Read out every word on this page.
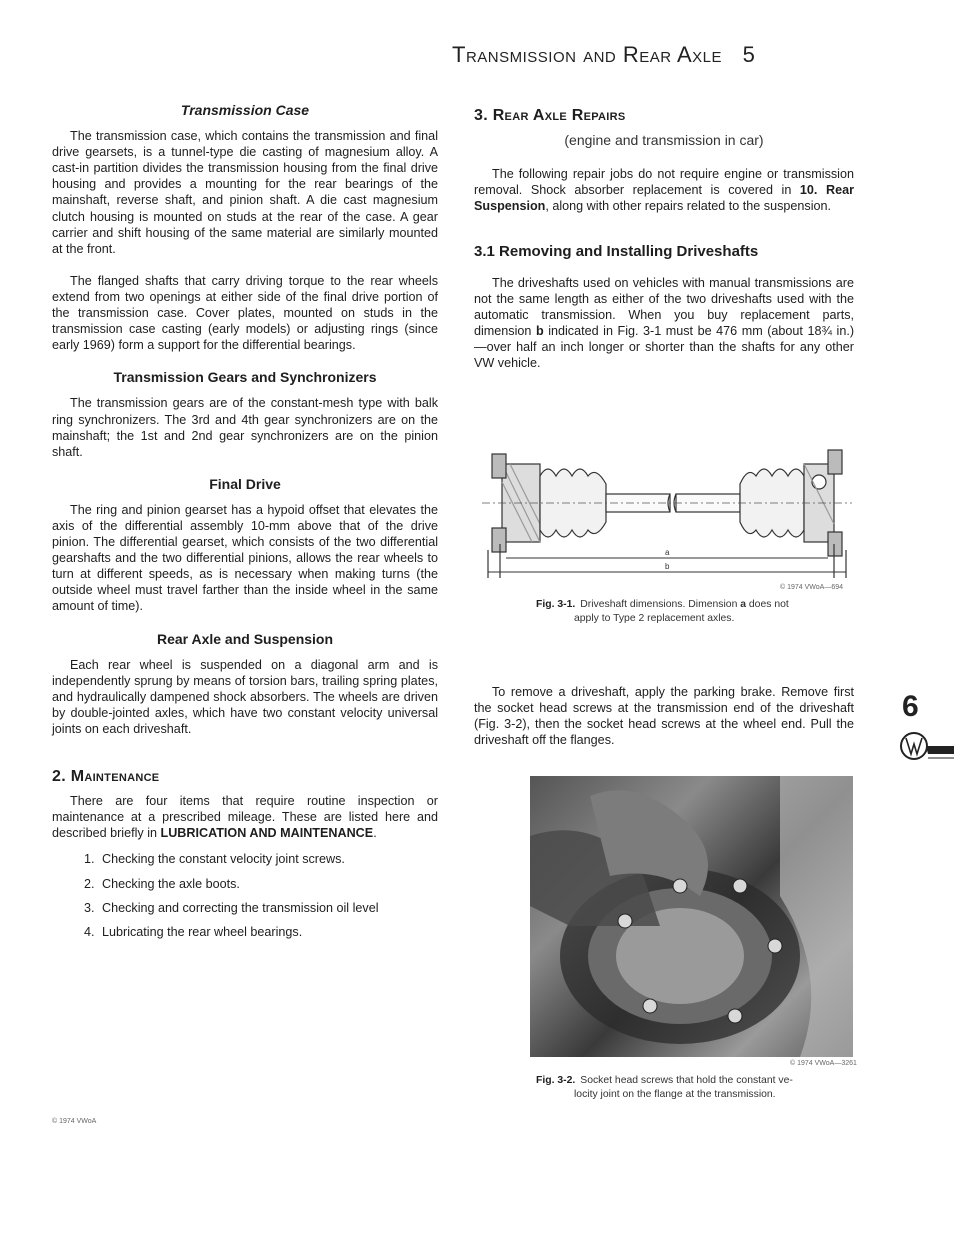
Transmission and Rear Axle 5
Transmission Case

The transmission case, which contains the transmission and final drive gearsets, is a tunnel-type die casting of magnesium alloy. A cast-in partition divides the transmission housing from the final drive housing and provides a mounting for the rear bearings of the mainshaft, reverse shaft, and pinion shaft. A die cast magnesium clutch housing is mounted on studs at the rear of the case. A gear carrier and shift housing of the same material are similarly mounted at the front.

The flanged shafts that carry driving torque to the rear wheels extend from two openings at either side of the final drive portion of the transmission case. Cover plates, mounted on studs in the transmission case casting (early models) or adjusting rings (since early 1969) form a support for the differential bearings.

Transmission Gears and Synchronizers

The transmission gears are of the constant-mesh type with balk ring synchronizers. The 3rd and 4th gear synchronizers are on the mainshaft; the 1st and 2nd gear synchronizers are on the pinion shaft.

Final Drive

The ring and pinion gearset has a hypoid offset that elevates the axis of the differential assembly 10-mm above that of the drive pinion. The differential gearset, which consists of the two differential gearshafts and the two differential pinions, allows the rear wheels to turn at different speeds, as is necessary when making turns (the outside wheel must travel farther than the inside wheel in the same amount of time).

Rear Axle and Suspension

Each rear wheel is suspended on a diagonal arm and is independently sprung by means of torsion bars, trailing spring plates, and hydraulically dampened shock absorbers. The wheels are driven by double-jointed axles, which have two constant velocity universal joints on each driveshaft.

2. Maintenance

There are four items that require routine inspection or maintenance at a prescribed mileage. These are listed here and described briefly in LUBRICATION AND MAINTENANCE.

1. Checking the constant velocity joint screws.
2. Checking the axle boots.
3. Checking and correcting the transmission oil level
4. Lubricating the rear wheel bearings.
© 1974 VWoA
3. Rear Axle Repairs
(engine and transmission in car)

The following repair jobs do not require engine or transmission removal. Shock absorber replacement is covered in 10. Rear Suspension, along with other repairs related to the suspension.

3.1 Removing and Installing Driveshafts

The driveshafts used on vehicles with manual transmissions are not the same length as either of the two driveshafts used with the automatic transmission. When you buy replacement parts, dimension b indicated in Fig. 3-1 must be 476 mm (about 18¾ in.)—over half an inch longer or shorter than the shafts for any other VW vehicle.

a
b
© 1974 VWoA—694
Fig. 3-1. Driveshaft dimensions. Dimension a does not
apply to Type 2 replacement axles.

To remove a driveshaft, apply the parking brake. Remove first the socket head screws at the transmission end of the driveshaft (Fig. 3-2), then the socket head screws at the wheel end. Pull the driveshaft off the flanges.

© 1974 VWoA—3261
Fig. 3-2. Socket head screws that hold the constant ve-
locity joint on the flange at the transmission.
6
